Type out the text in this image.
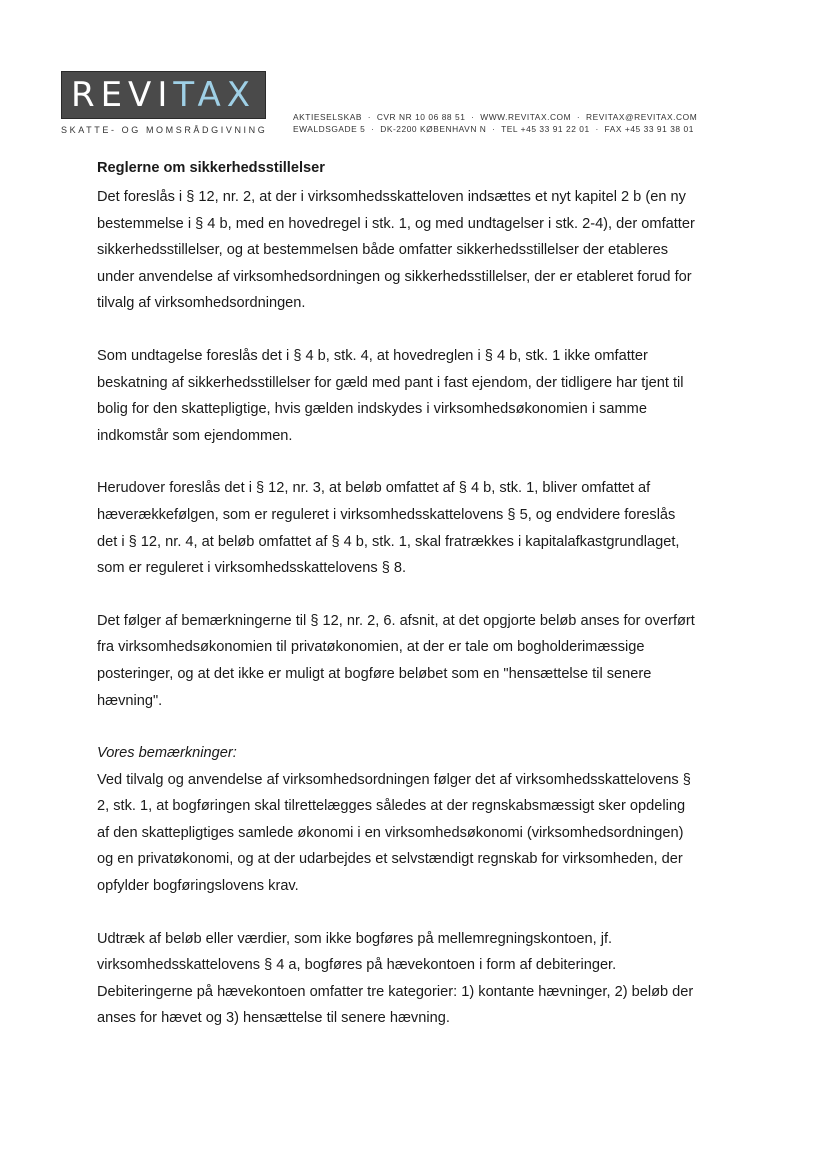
REVITAX
SKATTE- OG MOMSRÅDGIVNING
AKTIESELSKAB  ·  CVR NR 10 06 88 51  ·  WWW.REVITAX.COM  ·  REVITAX@REVITAX.COM
EWALDSGADE 5  ·  DK-2200 KØBENHAVN N  ·  TEL +45 33 91 22 01  ·  FAX +45 33 91 38 01

Reglerne om sikkerhedsstillelser

Det foreslås i § 12, nr. 2, at der i virksomhedsskatteloven indsættes et nyt kapitel 2 b (en ny

bestemmelse i § 4 b, med en hovedregel i stk. 1, og med undtagelser i stk. 2-4), der omfatter

sikkerhedsstillelser, og at bestemmelsen både omfatter sikkerhedsstillelser der etableres

under anvendelse af virksomhedsordningen og sikkerhedsstillelser, der er etableret forud for

tilvalg af virksomhedsordningen.

Som undtagelse foreslås det i § 4 b, stk. 4, at hovedreglen i § 4 b, stk. 1 ikke omfatter

beskatning af sikkerhedsstillelser for gæld med pant i fast ejendom, der tidligere har tjent til

bolig for den skattepligtige, hvis gælden indskydes i virksomhedsøkonomien i samme

indkomstår som ejendommen.

Herudover foreslås det i § 12, nr. 3, at beløb omfattet af § 4 b, stk. 1, bliver omfattet af

hæverækkefølgen, som er reguleret i virksomhedsskattelovens § 5, og endvidere foreslås

det i § 12, nr. 4, at beløb omfattet af § 4 b, stk. 1, skal fratrækkes i kapitalafkastgrundlaget,

som er reguleret i virksomhedsskattelovens § 8.

Det følger af bemærkningerne til § 12, nr. 2, 6. afsnit, at det opgjorte beløb anses for overført

fra virksomhedsøkonomien til privatøkonomien, at der er tale om bogholderimæssige

posteringer, og at det ikke er muligt at bogføre beløbet som en "hensættelse til senere

hævning".

Vores bemærkninger:

Ved tilvalg og anvendelse af virksomhedsordningen følger det af virksomhedsskattelovens §

2, stk. 1, at bogføringen skal tilrettelægges således at der regnskabsmæssigt sker opdeling

af den skattepligtiges samlede økonomi i en virksomhedsøkonomi (virksomhedsordningen)

og en privatøkonomi, og at der udarbejdes et selvstændigt regnskab for virksomheden, der

opfylder bogføringslovens krav.

Udtræk af beløb eller værdier, som ikke bogføres på mellemregningskontoen, jf.

virksomhedsskattelovens § 4 a, bogføres på hævekontoen i form af debiteringer.

Debiteringerne på hævekontoen omfatter tre kategorier: 1) kontante hævninger, 2) beløb der

anses for hævet og 3) hensættelse til senere hævning.
